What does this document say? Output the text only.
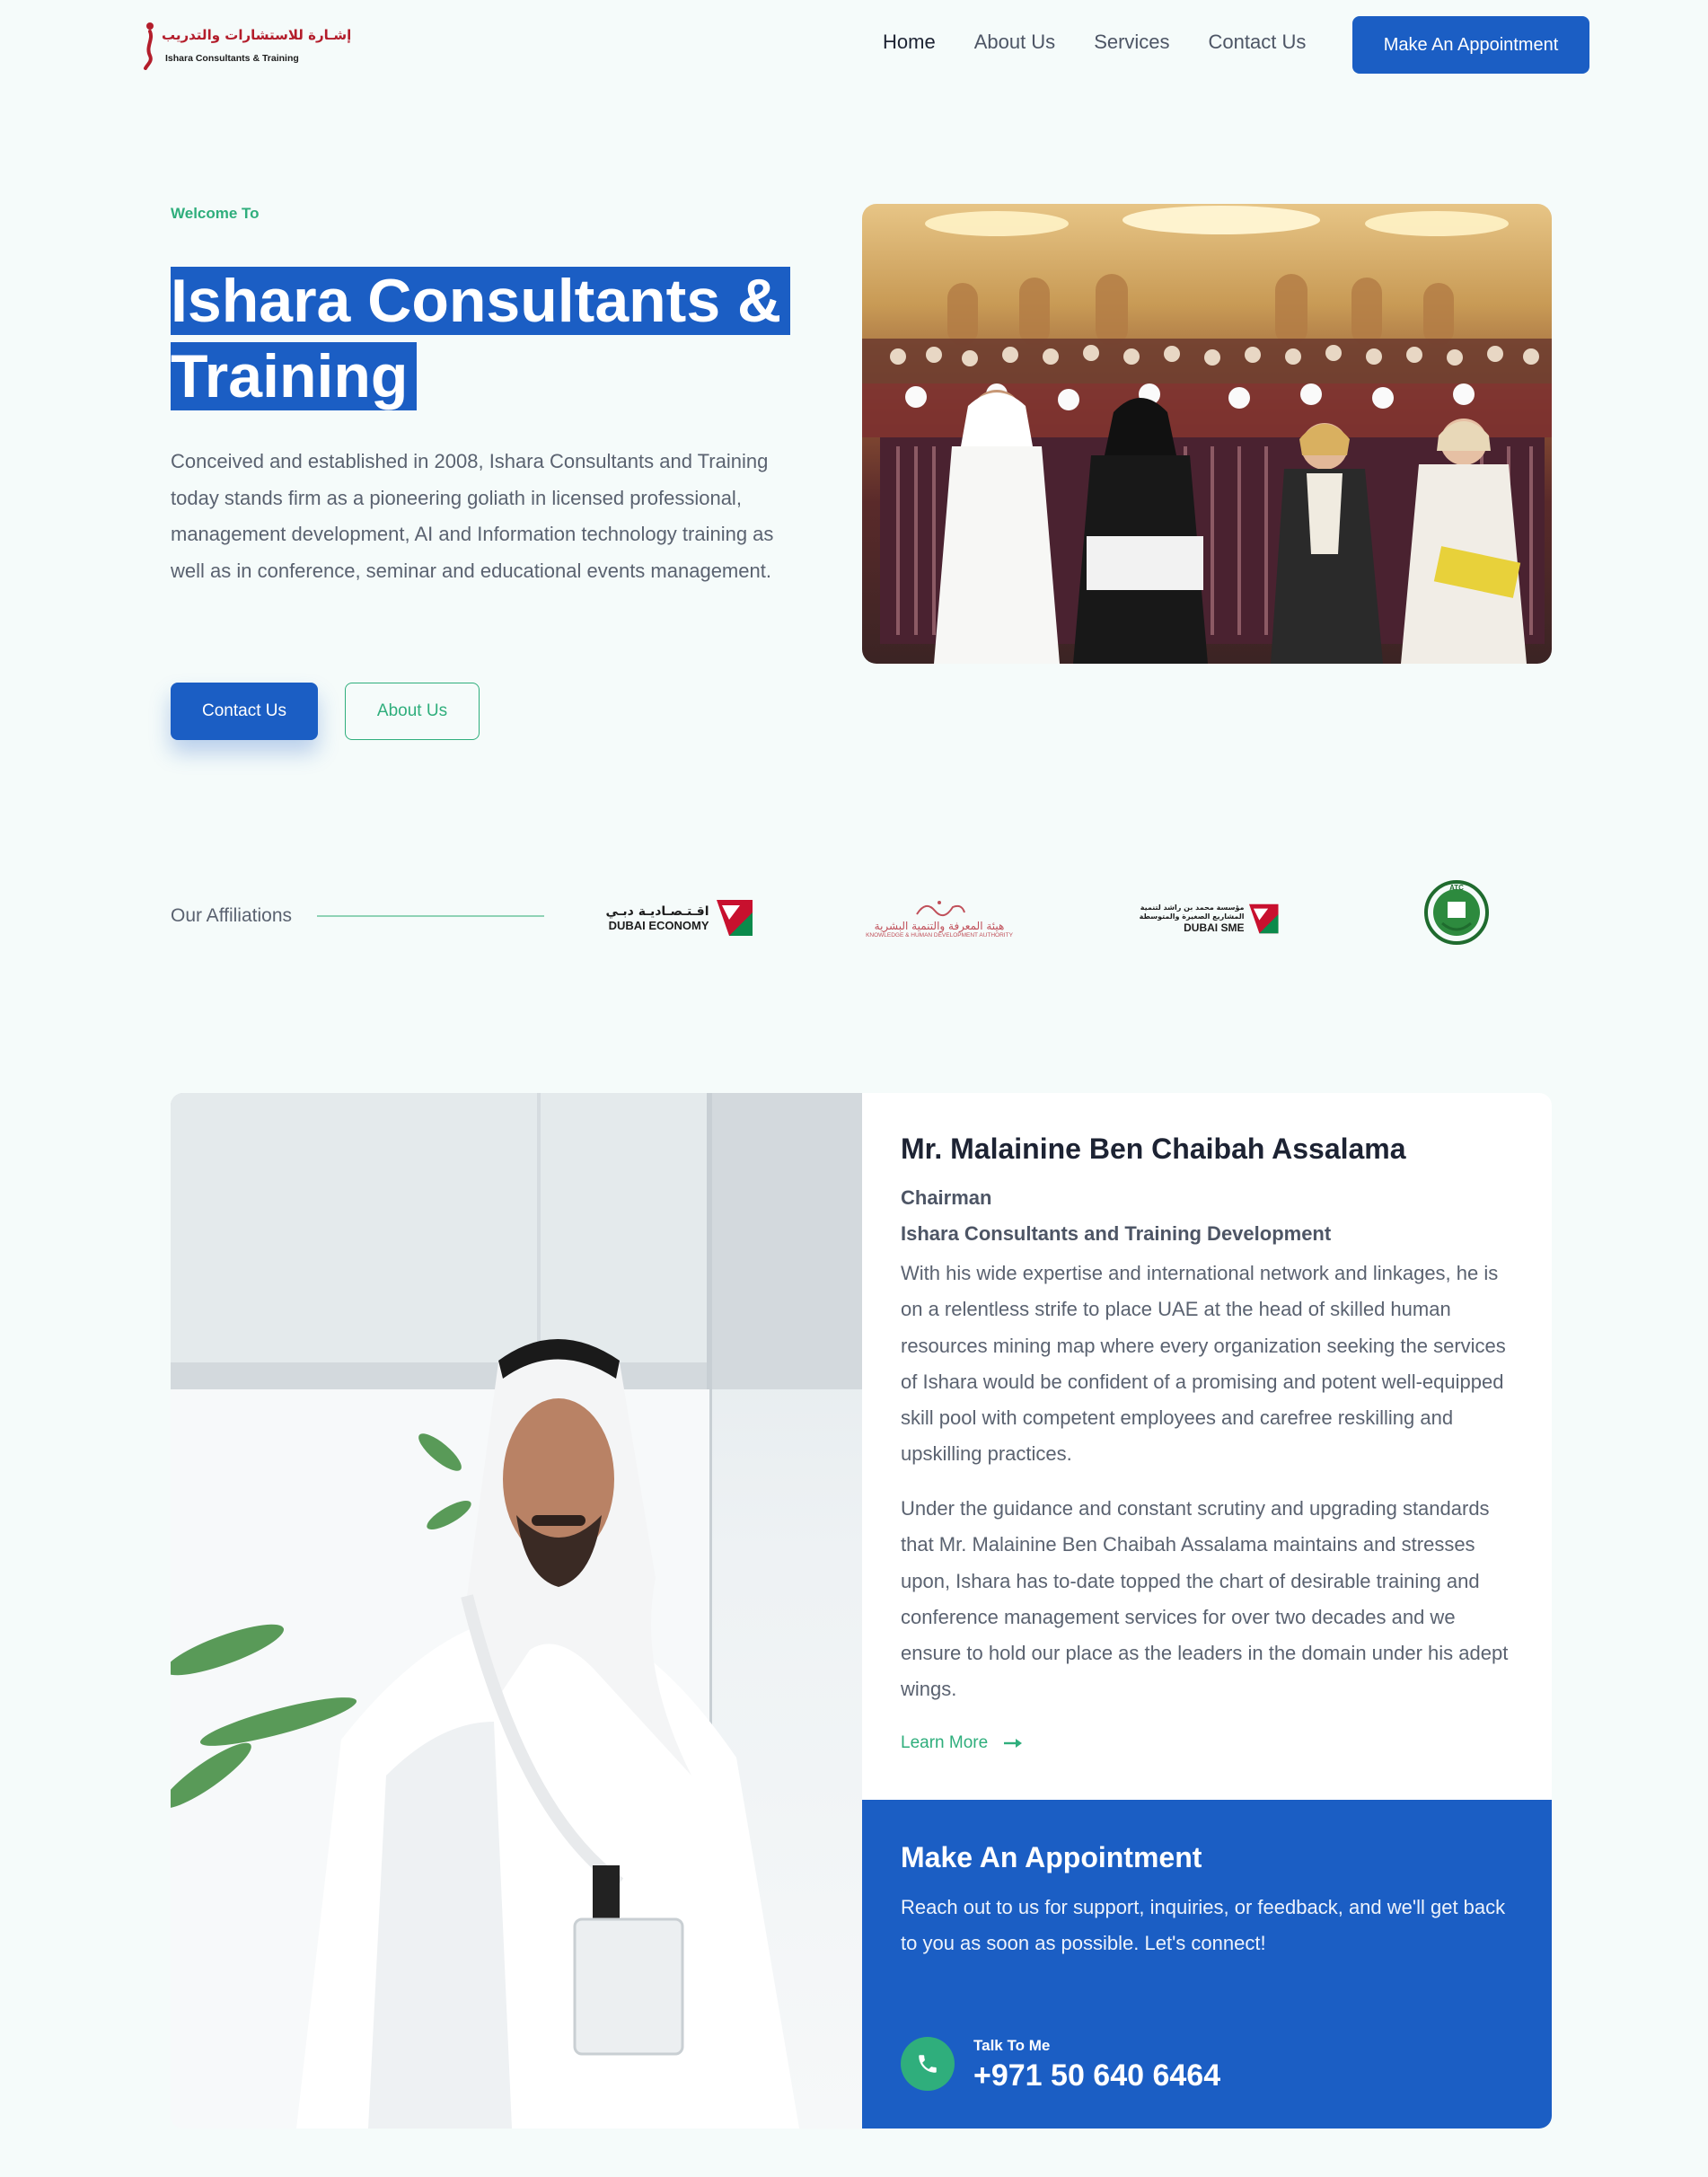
إشـارة للاستشارات والتدريب
Ishara Consultants & Training
Home About Us Services Contact Us	Make An Appointment
Welcome To
Ishara Consultants & Training

Conceived and established in 2008, Ishara Consultants and Training today stands firm as a pioneering goliath in licensed professional, management development, AI and Information technology training as well as in conference, seminar and educational events management.

Contact Us	About Us
Our Affiliations	اقـتـصـاديـة دبـي
DUBAI ECONOMY	هيئة المعرفة والتنمية البشرية
KNOWLEDGE & HUMAN DEVELOPMENT AUTHORITY
مؤسسة محمد بن راشد لتنمية المشاريع الصغيرة والمتوسطة
DUBAI SME
ATC
Mr. Malainine Ben Chaibah Assalama
Chairman
Ishara Consultants and Training Development

With his wide expertise and international network and linkages, he is on a relentless strife to place UAE at the head of skilled human resources mining map where every organization seeking the services of Ishara would be confident of a promising and potent well-equipped skill pool with competent employees and carefree reskilling and upskilling practices.

Under the guidance and constant scrutiny and upgrading standards that Mr. Malainine Ben Chaibah Assalama maintains and stresses upon, Ishara has to-date topped the chart of desirable training and conference management services for over two decades and we ensure to hold our place as the leaders in the domain under his adept wings.

Learn More
Make An Appointment

Reach out to us for support, inquiries, or feedback, and we'll get back to you as soon as possible. Let's connect!

Talk To Me
+971 50 640 6464
